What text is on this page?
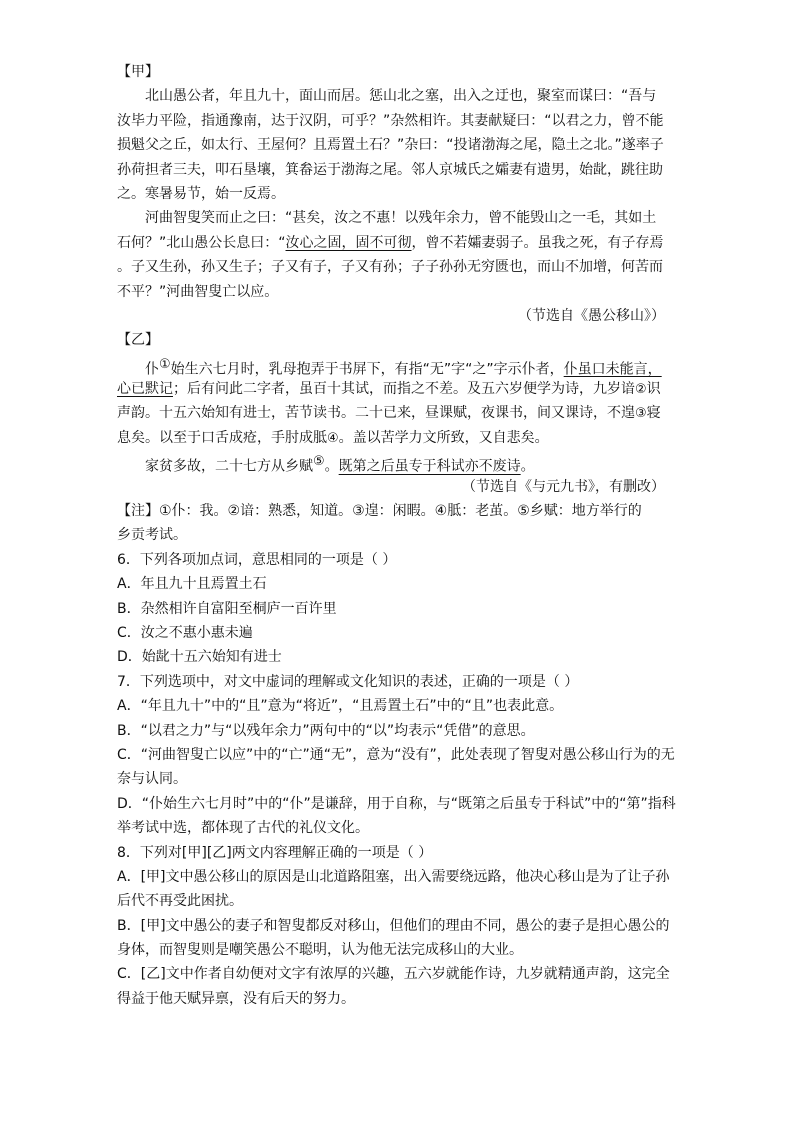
【甲】
北山愚公者，年且九十，面山而居。惩山北之塞，出入之迂也，聚室而谋曰：“吾与
汝毕力平险，指通豫南，达于汉阴，可乎？”杂然相许。其妻献疑曰：“以君之力，曾不能
损魁父之丘，如太行、王屋何？且焉置土石？”杂曰：“投诸渤海之尾，隐土之北。”遂率子
孙荷担者三夫，叩石垦壤，箕畚运于渤海之尾。邻人京城氏之孀妻有遗男，始龀，跳往助
之。寒暑易节，始一反焉。
河曲智叟笑而止之曰：“甚矣，汝之不惠！以残年余力，曾不能毁山之一毛，其如土
石何？”北山愚公长息曰：“汝心之固，固不可彻，曾不若孀妻弱子。虽我之死，有子存焉
。子又生孙，孙又生子；子又有子，子又有孙；子子孙孙无穷匮也，而山不加增，何苦而
不平？”河曲智叟亡以应。
（节选自《愚公移山》）
【乙】
仆①始生六七月时，乳母抱弄于书屏下，有指“无”字“之”字示仆者，仆虽口未能言，
心已默记；后有问此二字者，虽百十其试，而指之不差。及五六岁便学为诗，九岁谙②识
声韵。十五六始知有进士，苦节读书。二十已来，昼课赋，夜课书，间又课诗，不遑③寝
息矣。以至于口舌成疮，手肘成胝④。盖以苦学力文所致，又自悲矣。
家贫多故，二十七方从乡赋⑤。既第之后虽专于科试亦不废诗。
（节选自《与元九书》，有删改）
【注】①仆：我。②谙：熟悉，知道。③遑：闲暇。④胝：老茧。⑤乡赋：地方举行的
乡贡考试。
6．下列各项加点词，意思相同的一项是（ ）
A．年且九十且焉置土石
B．杂然相许自富阳至桐庐一百许里
C．汝之不惠小惠未遍
D．始龀十五六始知有进士
7．下列选项中，对文中虚词的理解或文化知识的表述，正确的一项是（ ）
A．“年且九十”中的“且”意为“将近”，“且焉置土石”中的“且”也表此意。
B．“以君之力”与“以残年余力”两句中的“以”均表示“凭借”的意思。
C．“河曲智叟亡以应”中的“亡”通“无”，意为“没有”，此处表现了智叟对愚公移山行为的无
奈与认同。
D．“仆始生六七月时”中的“仆”是谦辞，用于自称，与“既第之后虽专于科试”中的“第”指科
举考试中选，都体现了古代的礼仪文化。
8．下列对[甲][乙]两文内容理解正确的一项是（ ）
A．[甲]文中愚公移山的原因是山北道路阻塞，出入需要绕远路，他决心移山是为了让子孙
后代不再受此困扰。
B．[甲]文中愚公的妻子和智叟都反对移山，但他们的理由不同，愚公的妻子是担心愚公的
身体，而智叟则是嘲笑愚公不聪明，认为他无法完成移山的大业。
C．[乙]文中作者自幼便对文字有浓厚的兴趣，五六岁就能作诗，九岁就精通声韵，这完全
得益于他天赋异禀，没有后天的努力。
